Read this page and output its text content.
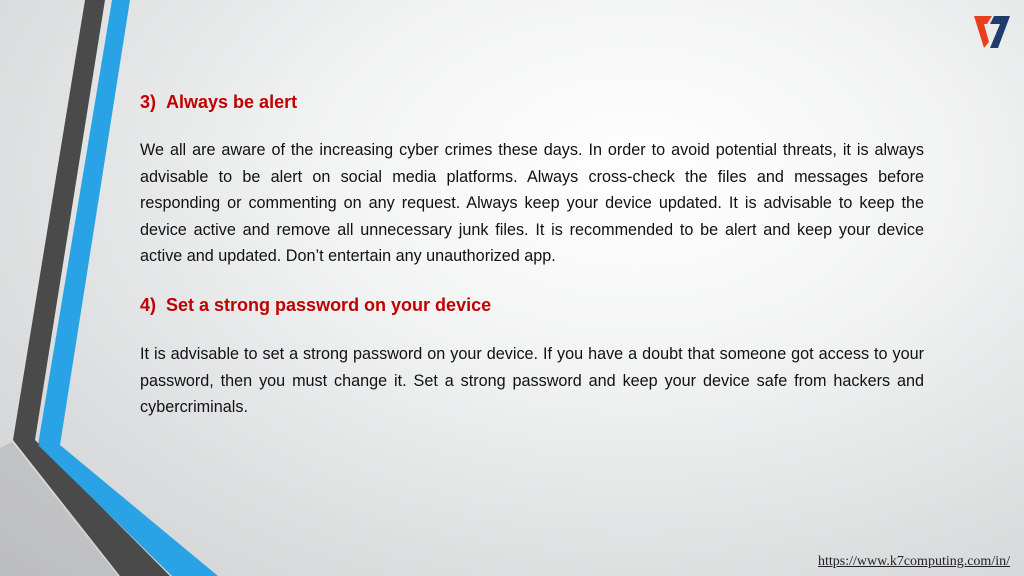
3) Always be alert

We all are aware of the increasing cyber crimes these days. In order to avoid potential threats, it is always advisable to be alert on social media platforms. Always cross-check the files and messages before responding or commenting on any request. Always keep your device updated. It is advisable to keep the device active and remove all unnecessary junk files. It is recommended to be alert and keep your device active and updated. Don’t entertain any unauthorized app.

4) Set a strong password on your device

It is advisable to set a strong password on your device. If you have a doubt that someone got access to your password, then you must change it. Set a strong password and keep your device safe from hackers and cybercriminals.

https://www.k7computing.com/in/
